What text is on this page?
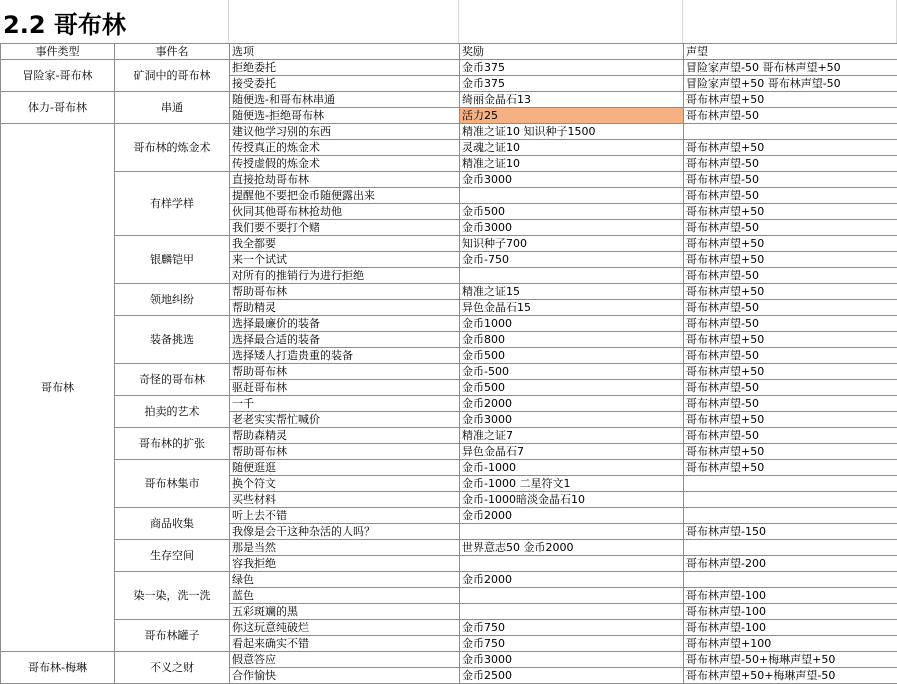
2.2 哥布林
事件类型	事件名	选项	奖励	声望
冒险家-哥布林	矿洞中的哥布林	拒绝委托	金币375	冒险家声望-50 哥布林声望+50
		接受委托	金币375	冒险家声望+50 哥布林声望-50
体力-哥布林	串通	随便选-和哥布林串通	绮丽金晶石13	哥布林声望+50
		随便选-拒绝哥布林	活力25	哥布林声望-50
哥布林	哥布林的炼金术	建议他学习别的东西	精准之证10 知识种子1500	
		传授真正的炼金术	灵魂之证10	哥布林声望+50
		传授虚假的炼金术	精准之证10	哥布林声望-50
	有样学样	直接抢劫哥布林	金币3000	哥布林声望-50
		提醒他不要把金币随便露出来		哥布林声望-50
		伙同其他哥布林抢劫他	金币500	哥布林声望+50
		我们要不要打个赌	金币3000	哥布林声望-50
	银麟铠甲	我全都要	知识种子700	哥布林声望+50
		来一个试试	金币-750	哥布林声望+50
		对所有的推销行为进行拒绝		哥布林声望-50
	领地纠纷	帮助哥布林	精准之证15	哥布林声望+50
		帮助精灵	异色金晶石15	哥布林声望-50
	装备挑选	选择最廉价的装备	金币1000	哥布林声望-50
		选择最合适的装备	金币800	哥布林声望+50
		选择矮人打造贵重的装备	金币500	哥布林声望-50
	奇怪的哥布林	帮助哥布林	金币-500	哥布林声望+50
		驱赶哥布林	金币500	哥布林声望-50
	拍卖的艺术	一千	金币2000	哥布林声望-50
		老老实实帮忙喊价	金币3000	哥布林声望+50
	哥布林的扩张	帮助森精灵	精准之证7	哥布林声望-50
		帮助哥布林	异色金晶石7	哥布林声望+50
	哥布林集市	随便逛逛	金币-1000	哥布林声望+50
		换个符文	金币-1000 二星符文1	
		买些材料	金币-1000暗淡金晶石10	
	商品收集	听上去不错	金币2000	
		我像是会干这种杂活的人吗？		哥布林声望-150
	生存空间	那是当然	世界意志50 金币2000	
		容我拒绝		哥布林声望-200
	染一染，洗一洗	绿色	金币2000	
		蓝色		哥布林声望-100
		五彩斑斓的黑		哥布林声望-100
	哥布林罐子	你这玩意纯破烂	金币750	哥布林声望-100
		看起来确实不错	金币750	哥布林声望+100
哥布林-梅琳	不义之财	假意答应	金币3000	哥布林声望-50+梅琳声望+50
		合作愉快	金币2500	哥布林声望+50+梅琳声望-50
